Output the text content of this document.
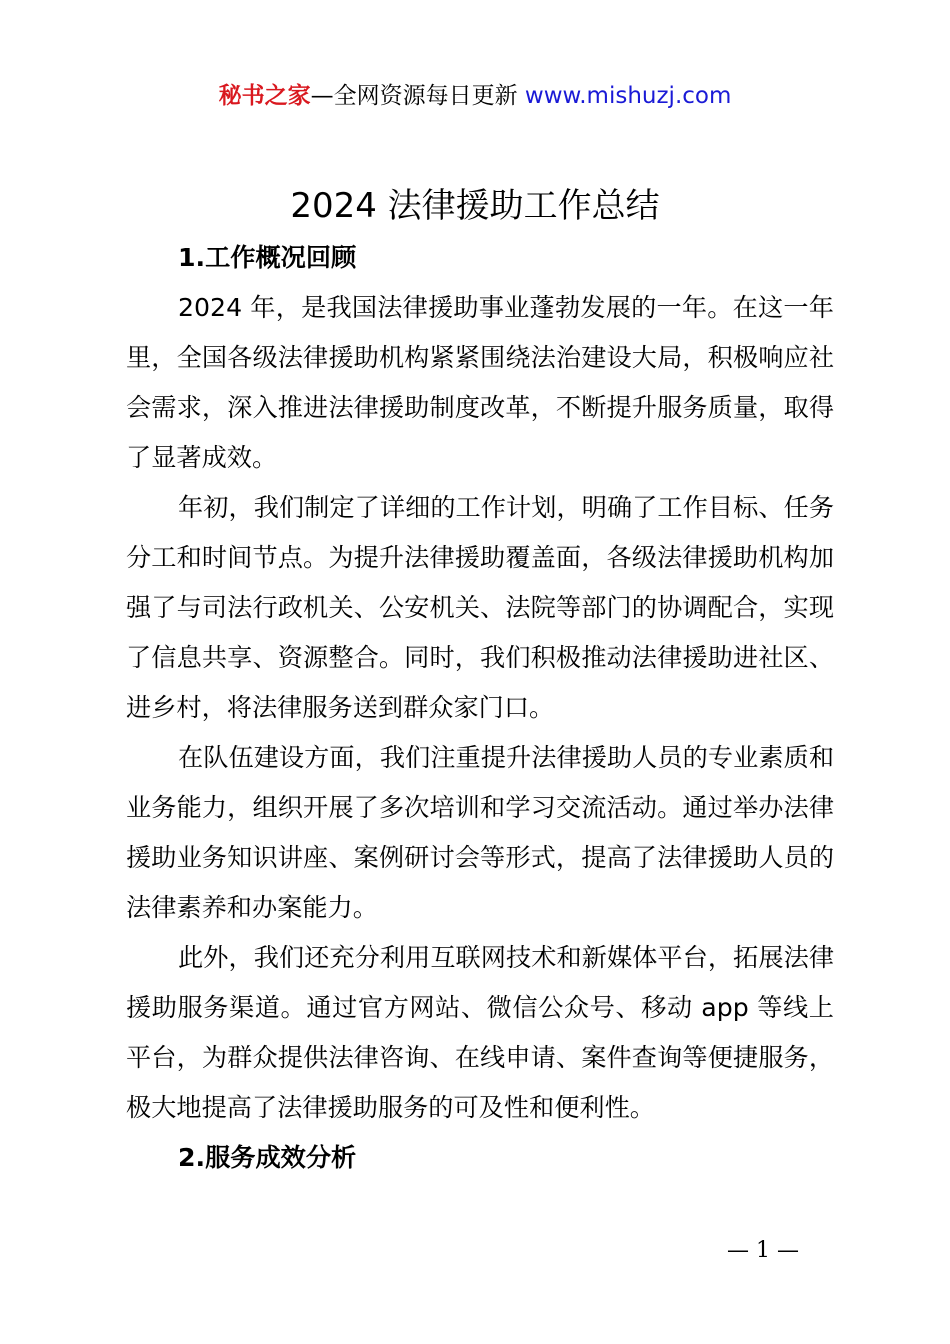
秘书之家—全网资源每日更新 www.mishuzj.com
2024 法律援助工作总结
1.工作概况回顾

2024 年，是我国法律援助事业蓬勃发展的一年。在这一年里，全国各级法律援助机构紧紧围绕法治建设大局，积极响应社会需求，深入推进法律援助制度改革，不断提升服务质量，取得了显著成效。

年初，我们制定了详细的工作计划，明确了工作目标、任务分工和时间节点。为提升法律援助覆盖面，各级法律援助机构加强了与司法行政机关、公安机关、法院等部门的协调配合，实现了信息共享、资源整合。同时，我们积极推动法律援助进社区、进乡村，将法律服务送到群众家门口。

在队伍建设方面，我们注重提升法律援助人员的专业素质和业务能力，组织开展了多次培训和学习交流活动。通过举办法律援助业务知识讲座、案例研讨会等形式，提高了法律援助人员的法律素养和办案能力。

此外，我们还充分利用互联网技术和新媒体平台，拓展法律援助服务渠道。通过官方网站、微信公众号、移动 app 等线上平台，为群众提供法律咨询、在线申请、案件查询等便捷服务，极大地提高了法律援助服务的可及性和便利性。

2.服务成效分析
— 1 —
